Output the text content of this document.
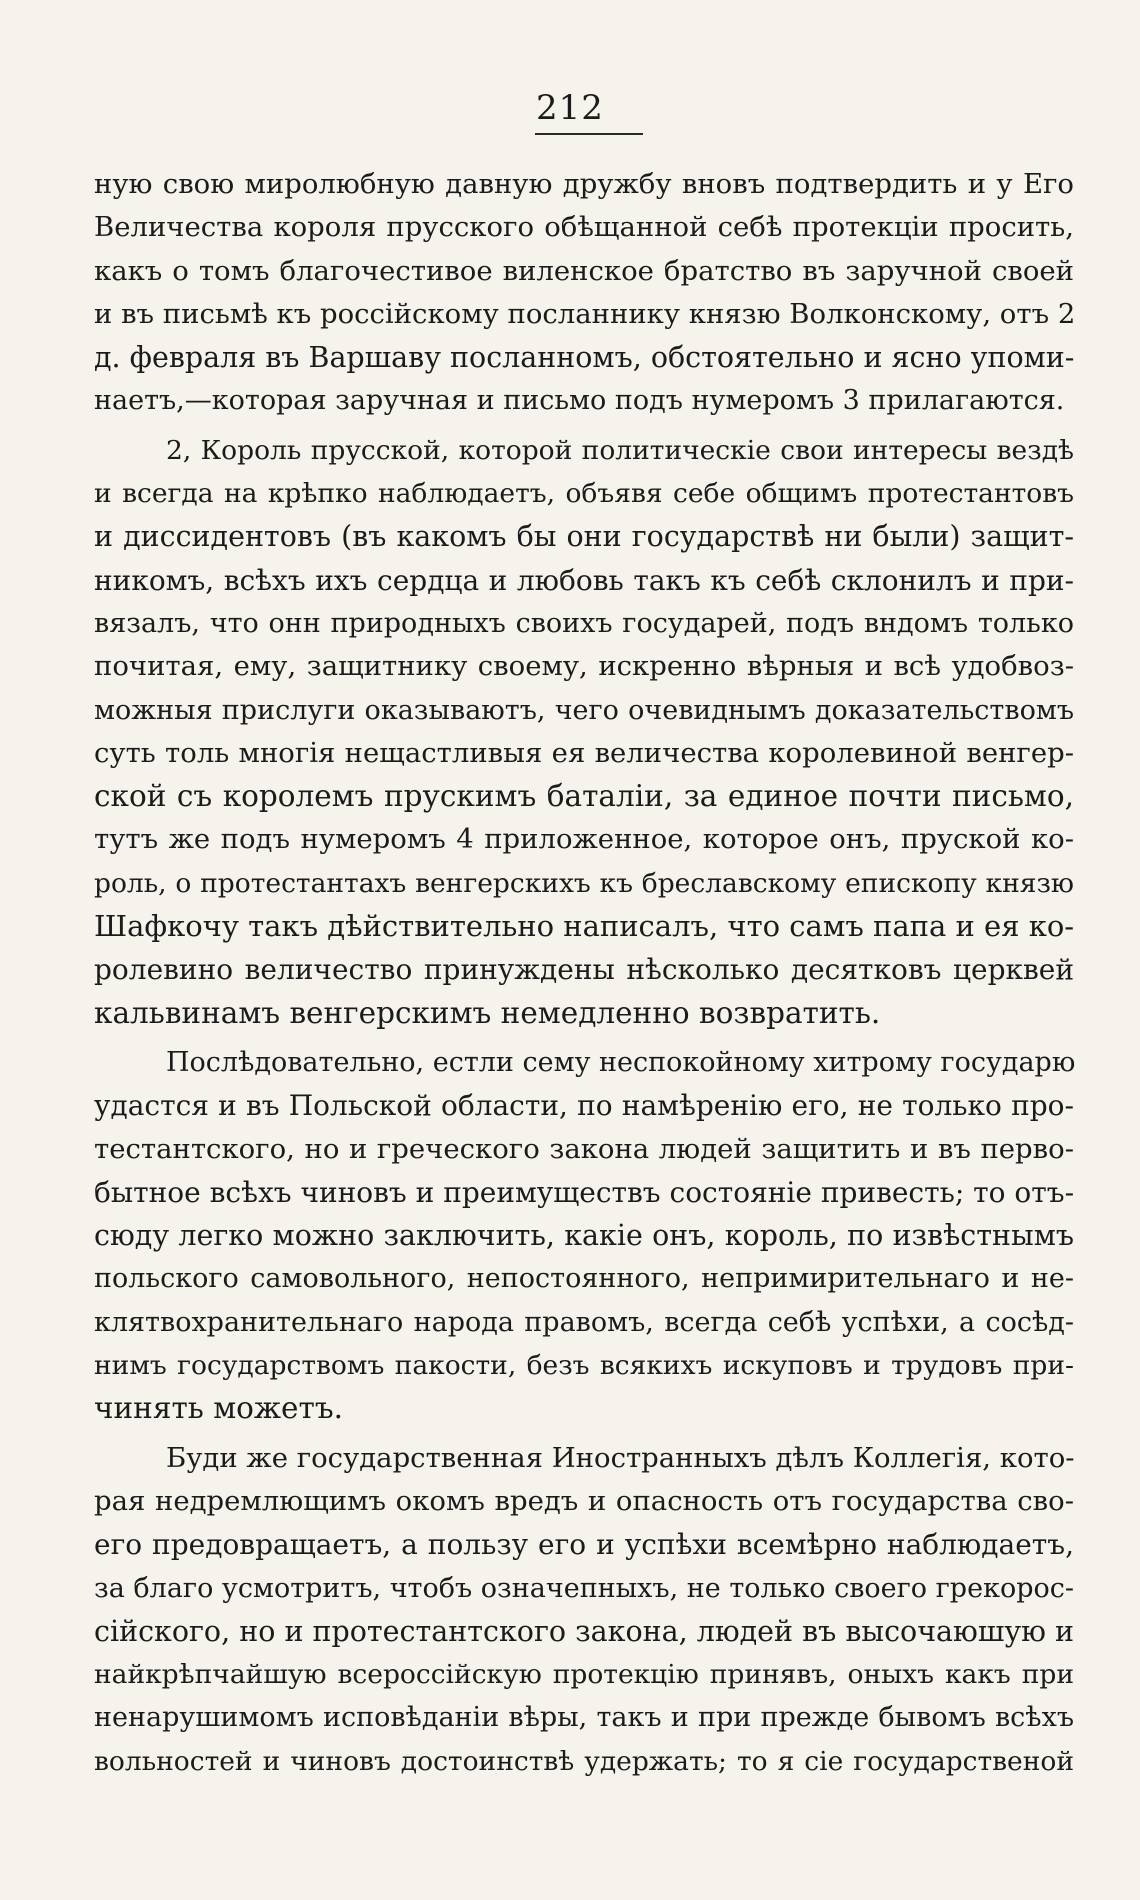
212
ную свою миролюбную давную дружбу вновъ подтвердить и у Его
Величества короля прусского обѣщанной себѣ протекціи просить,
какъ о томъ благочестивое виленское братство въ заручной своей
и въ письмѣ къ россійскому посланнику князю Волконскому, отъ 2
д. февраля въ Варшаву посланномъ, обстоятельно и ясно упоми-
наетъ,—которая заручная и письмо подъ нумеромъ 3 прилагаются.
2, Король прусской, которой политическіе свои интересы вездѣ
и всегда на крѣпко наблюдаетъ, объявя себе общимъ протестантовъ
и диссидентовъ (въ какомъ бы они государствѣ ни были) защит-
никомъ, всѣхъ ихъ сердца и любовь такъ къ себѣ склонилъ и при-
вязалъ, что онн природныхъ своихъ государей, подъ вндомъ только
почитая, ему, защитнику своему, искренно вѣрныя и всѣ удобвоз-
можныя прислуги оказываютъ, чего очевиднымъ доказательствомъ
суть толь многія нещастливыя ея величества королевиной венгер-
ской съ королемъ прускимъ баталіи, за единое почти письмо,
тутъ же подъ нумеромъ 4 приложенное, которое онъ, пруской ко-
роль, о протестантахъ венгерскихъ къ бреславскому епископу князю
Шафкочу такъ дѣйствительно написалъ, что самъ папа и ея ко-
ролевино величество принуждены нѣсколько десятковъ церквей
кальвинамъ венгерскимъ немедленно возвратить.
Послѣдовательно, естли сему неспокойному хитрому государю
удастся и въ Польской области, по намѣренію его, не только про-
тестантского, но и греческого закона людей защитить и въ перво-
бытное всѣхъ чиновъ и преимуществъ состояніе привесть; то отъ-
сюду легко можно заключить, какіе онъ, король, по извѣстнымъ
польского самовольного, непостоянного, непримирительнаго и не-
клятвохранительнаго народа правомъ, всегда себѣ успѣхи, а сосѣд-
нимъ государствомъ пакости, безъ всякихъ искуповъ и трудовъ при-
чинять можетъ.
Буди же государственная Иностранныхъ дѣлъ Коллегія, кото-
рая недремлющимъ окомъ вредъ и опасность отъ государства сво-
его предовращаетъ, а пользу его и успѣхи всемѣрно наблюдаетъ,
за благо усмотритъ, чтобъ означепныхъ, не только своего грекорос-
сійского, но и протестантского закона, людей въ высочаюшую и
найкрѣпчайшую всероссійскую протекцію принявъ, оныхъ какъ при
ненарушимомъ исповѣданіи вѣры, такъ и при прежде бывомъ всѣхъ
вольностей и чиновъ достоинствѣ удержать; то я сіе государственой
